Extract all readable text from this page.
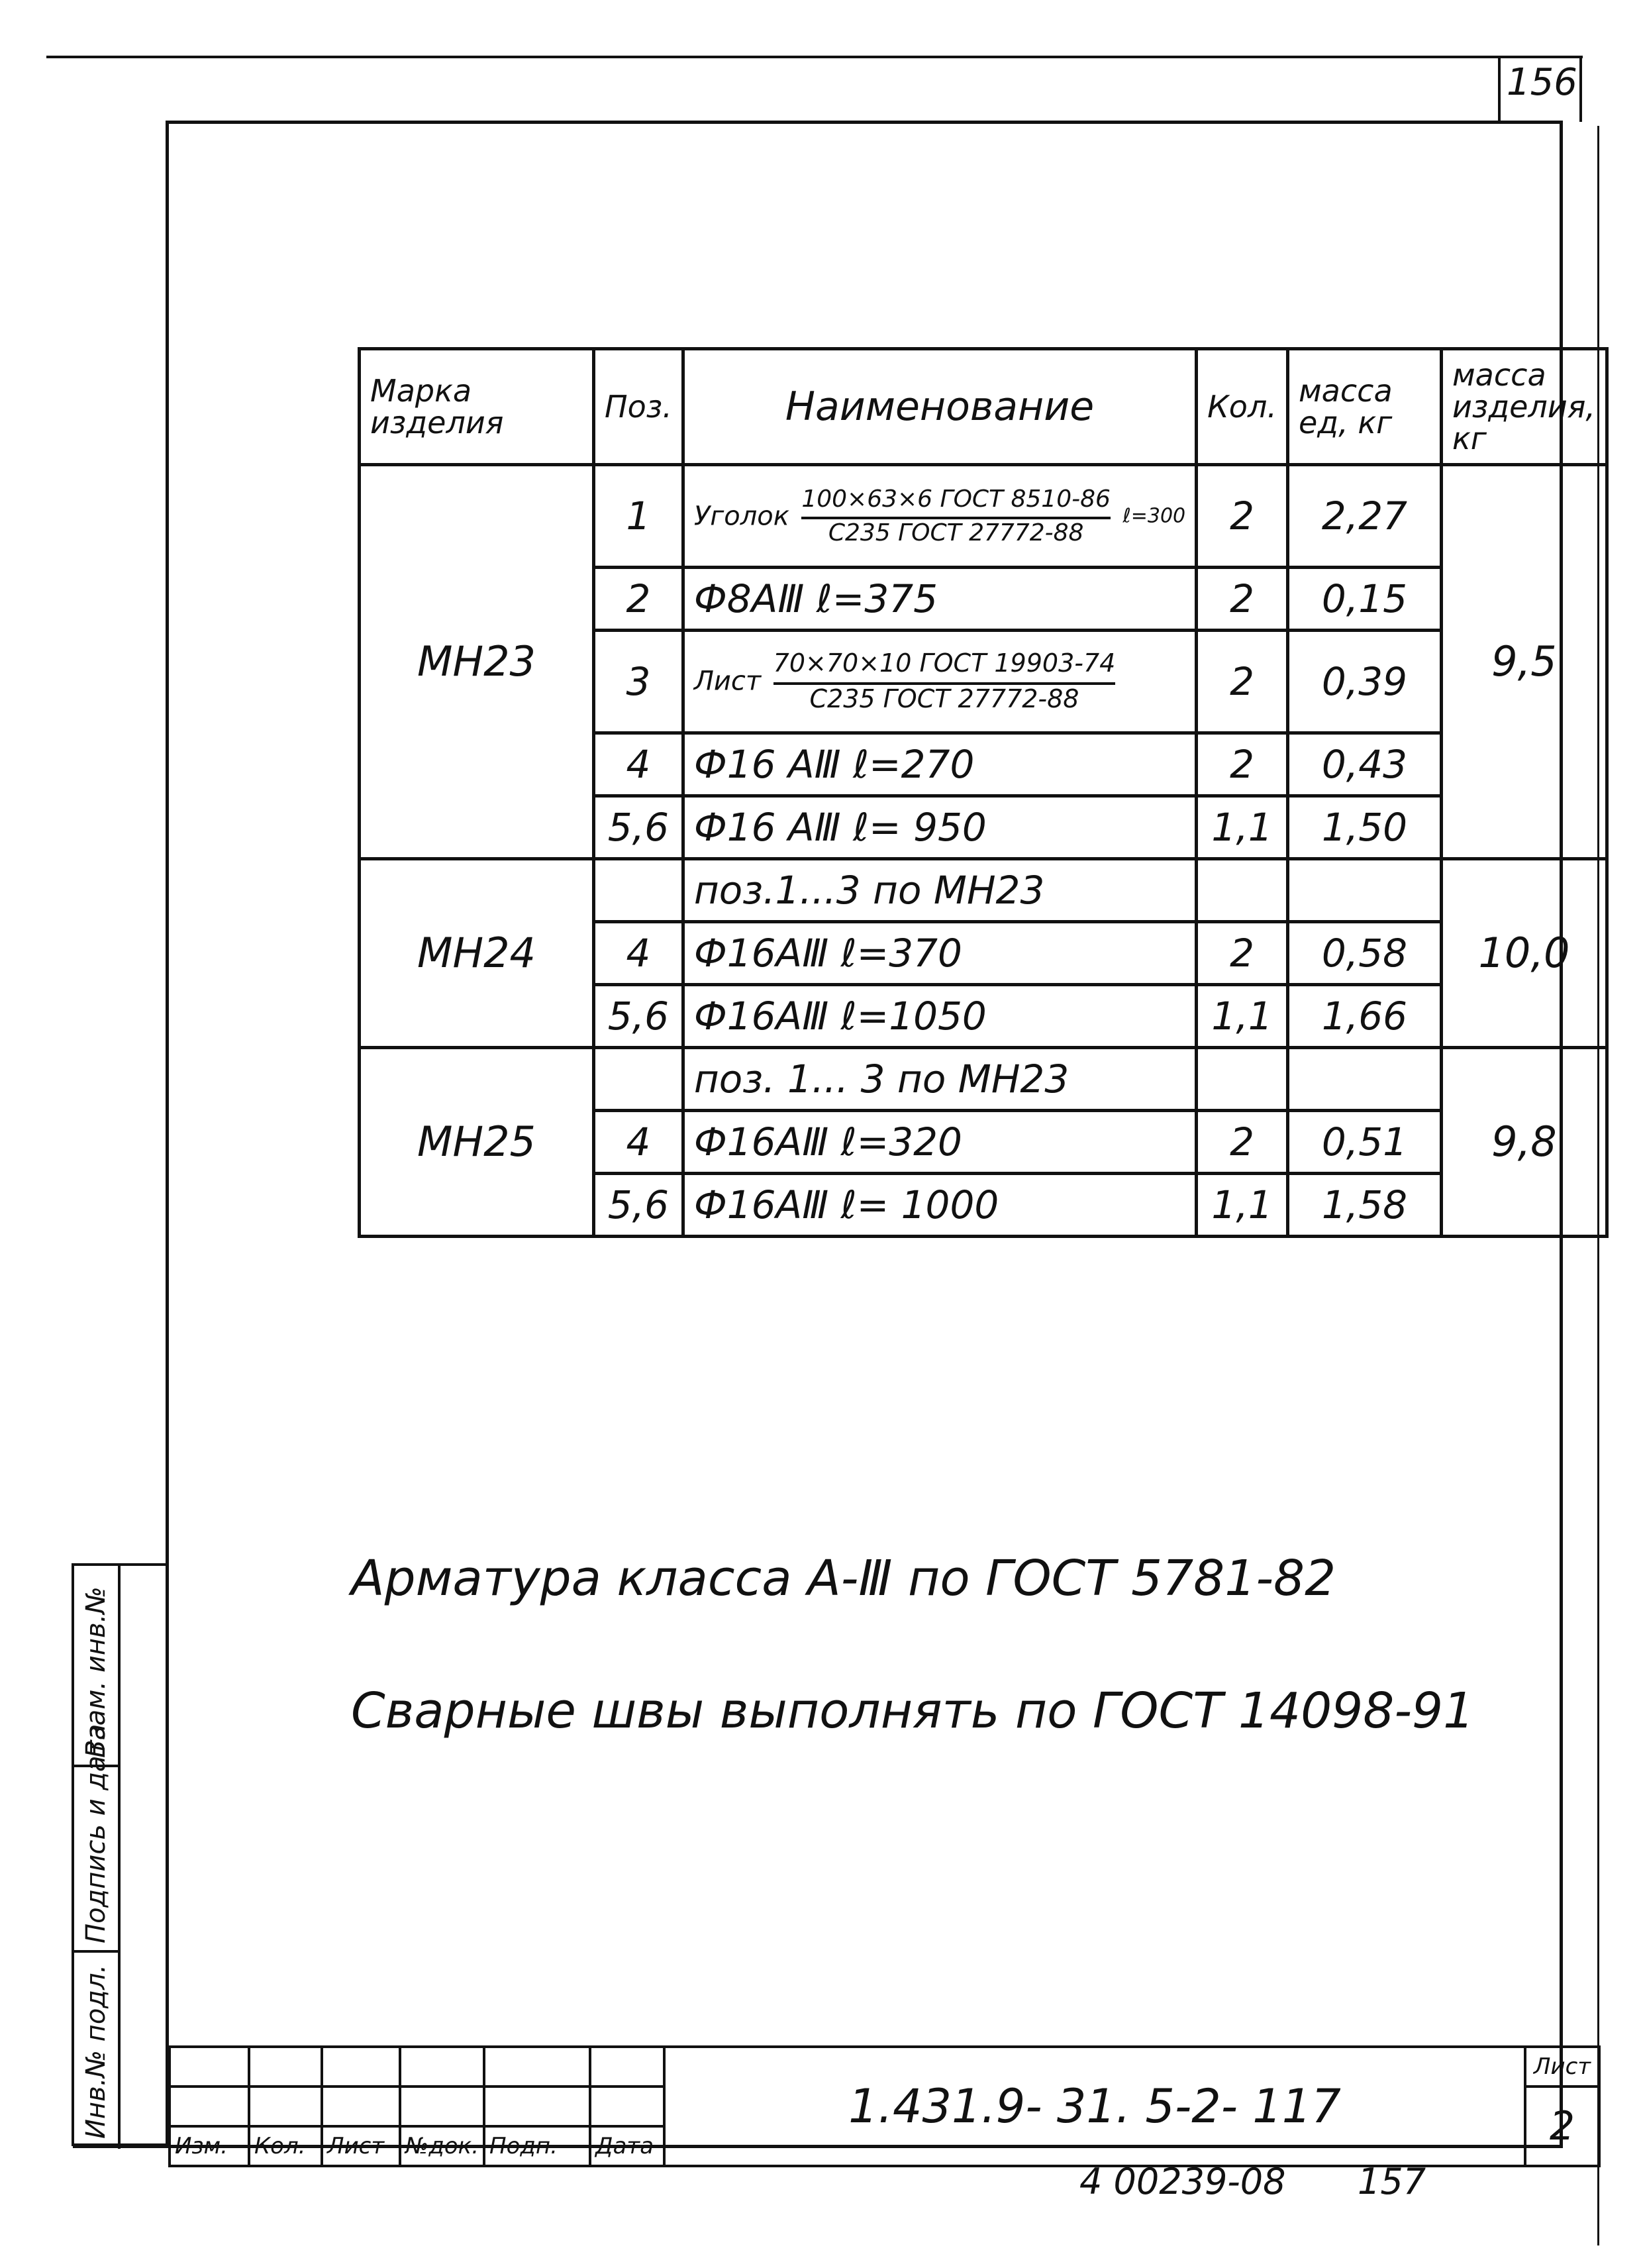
156
Марка изделия	Поз.	Наименование	Кол.	масса ед, кг	масса изделия, кг
МН23	1	Уголок
100×63×6 ГОСТ 8510-86
С235 ГОСТ 27772-88 ℓ=300	2	2,27	9,5
	2	Ф8АⅢ ℓ=375	2	0,15	
	3	Лист
70×70×10 ГОСТ 19903-74
С235 ГОСТ 27772-88	2	0,39	
	4	Ф16 АⅢ ℓ=270	2	0,43	
	5,6	Ф16 АⅢ ℓ= 950	1,1	1,50	
МН24		поз.1...3 по МН23			10,0
	4	Ф16АⅢ ℓ=370	2	0,58	
	5,6	Ф16АⅢ ℓ=1050	1,1	1,66	
МН25		поз. 1... 3 по МН23			9,8
	4	Ф16АⅢ ℓ=320	2	0,51	
	5,6	Ф16АⅢ ℓ= 1000	1,1	1,58	
Арматура класса А-Ⅲ по ГОСТ 5781-82
Сварные швы выполнять по ГОСТ 14098-91
Взам. инв.№
Подпись и дата
Инв.№ подл.
							1.431.9- 31. 5-2- 117	Лист
							2
Изм.	Кол.	Лист	№док.	Подп.	Дата		
4 00239-08 157
